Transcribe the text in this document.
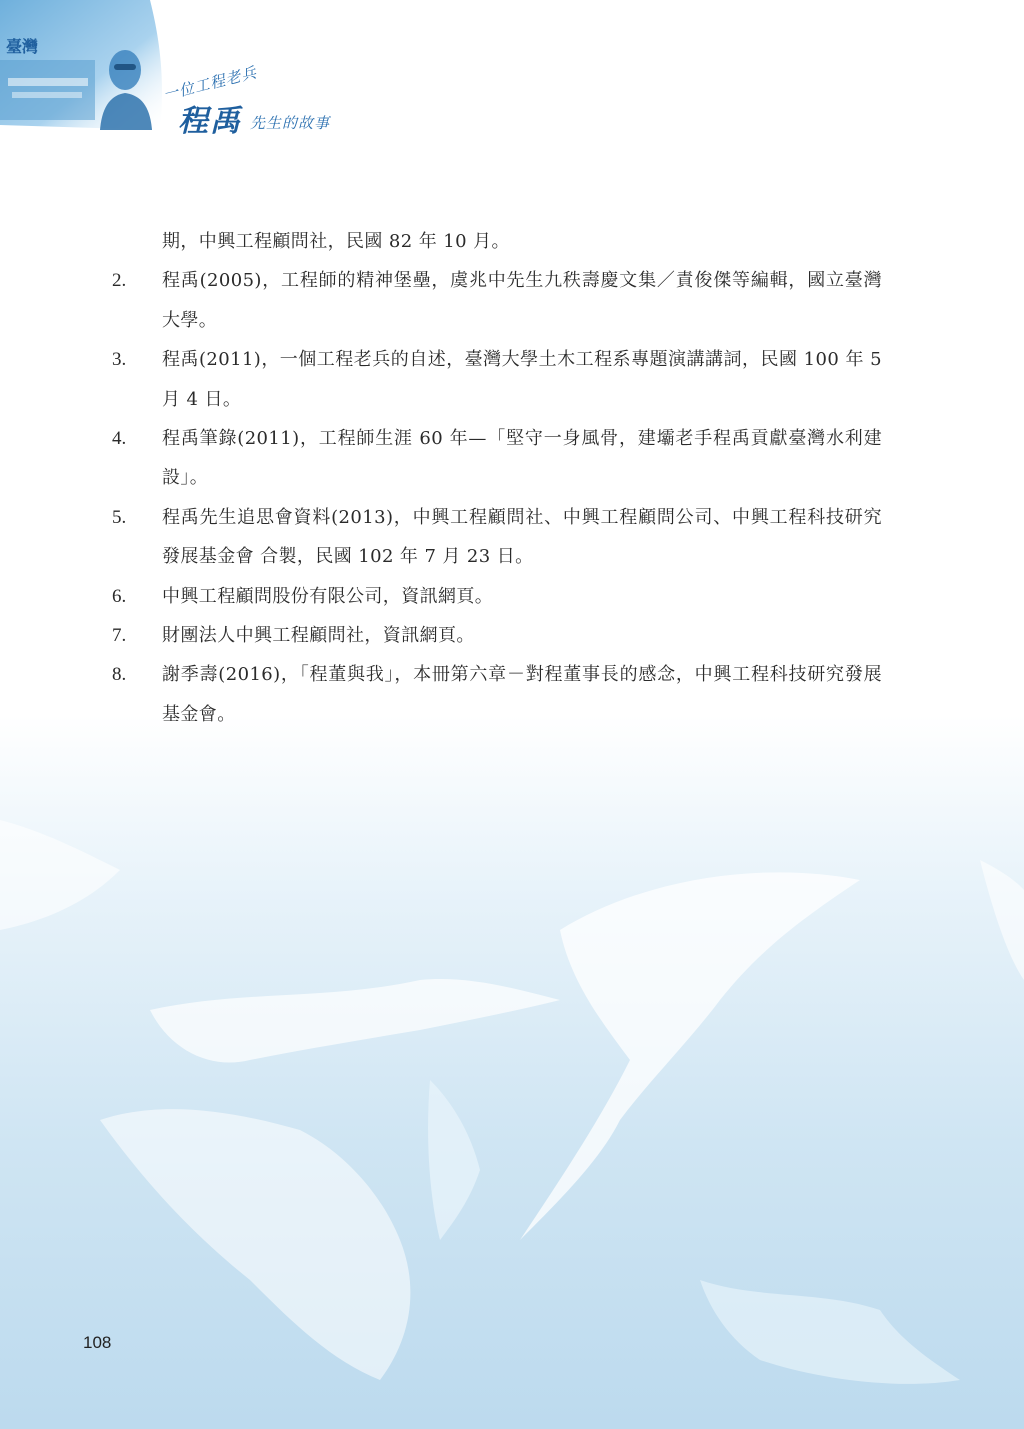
臺灣
一位工程老兵
程禹 先生的故事
期，中興工程顧問社，民國 82 年 10 月。
2.	程禹(2005)，工程師的精神堡壘，虞兆中先生九秩壽慶文集／責俊傑等編輯，國立臺灣大學。
3.	程禹(2011)，一個工程老兵的自述，臺灣大學土木工程系專題演講講詞，民國 100 年 5 月 4 日。
4.	程禹筆錄(2011)，工程師生涯 60 年—「堅守一身風骨，建壩老手程禹貢獻臺灣水利建設」。
5.	程禹先生追思會資料(2013)，中興工程顧問社、中興工程顧問公司、中興工程科技研究發展基金會 合製，民國 102 年 7 月 23 日。
6.	中興工程顧問股份有限公司，資訊網頁。
7.	財團法人中興工程顧問社，資訊網頁。
8.	謝季壽(2016)，「程董與我」，本冊第六章－對程董事長的感念，中興工程科技研究發展基金會。
108
